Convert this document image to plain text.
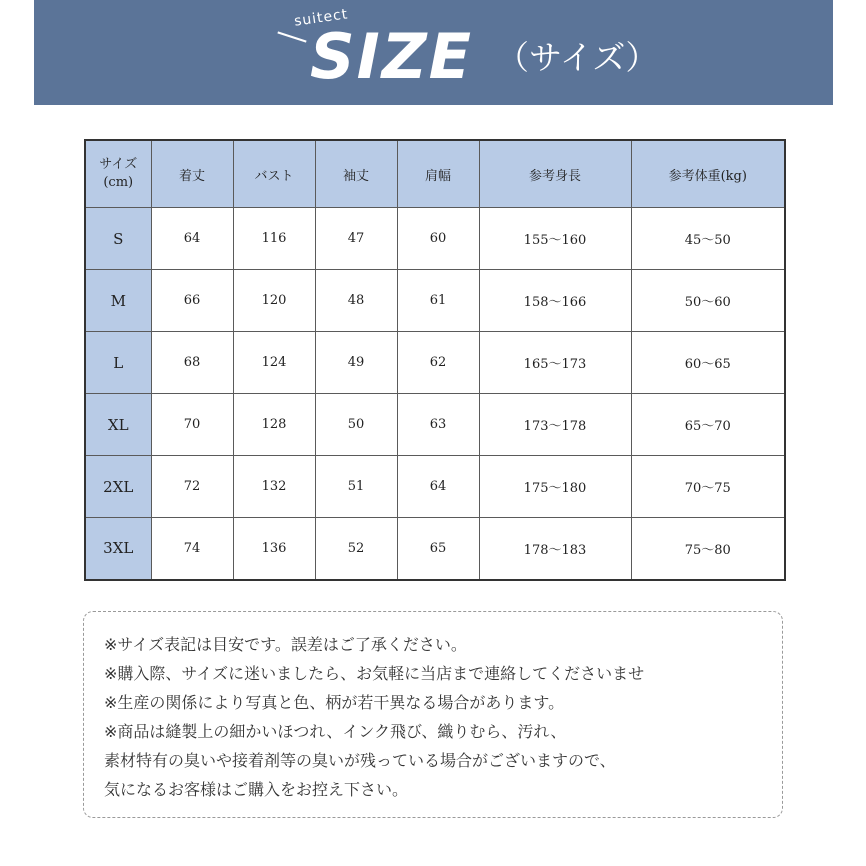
suitect
SIZE （サイズ）
サイズ
(cm)	着丈	バスト	袖丈	肩幅	参考身長	参考体重(kg)
S	64	116	47	60	155～160	45～50
M	66	120	48	61	158～166	50～60
L	68	124	49	62	165～173	60～65
XL	70	128	50	63	173～178	65～70
2XL	72	132	51	64	175～180	70～75
3XL	74	136	52	65	178～183	75～80
※サイズ表記は目安です。誤差はご了承ください。
※購入際、サイズに迷いましたら、お気軽に当店まで連絡してくださいませ
※生産の関係により写真と色、柄が若干異なる場合があります。
※商品は縫製上の細かいほつれ、インク飛び、織りむら、汚れ、
素材特有の臭いや接着剤等の臭いが残っている場合がございますので、
気になるお客様はご購入をお控え下さい。
